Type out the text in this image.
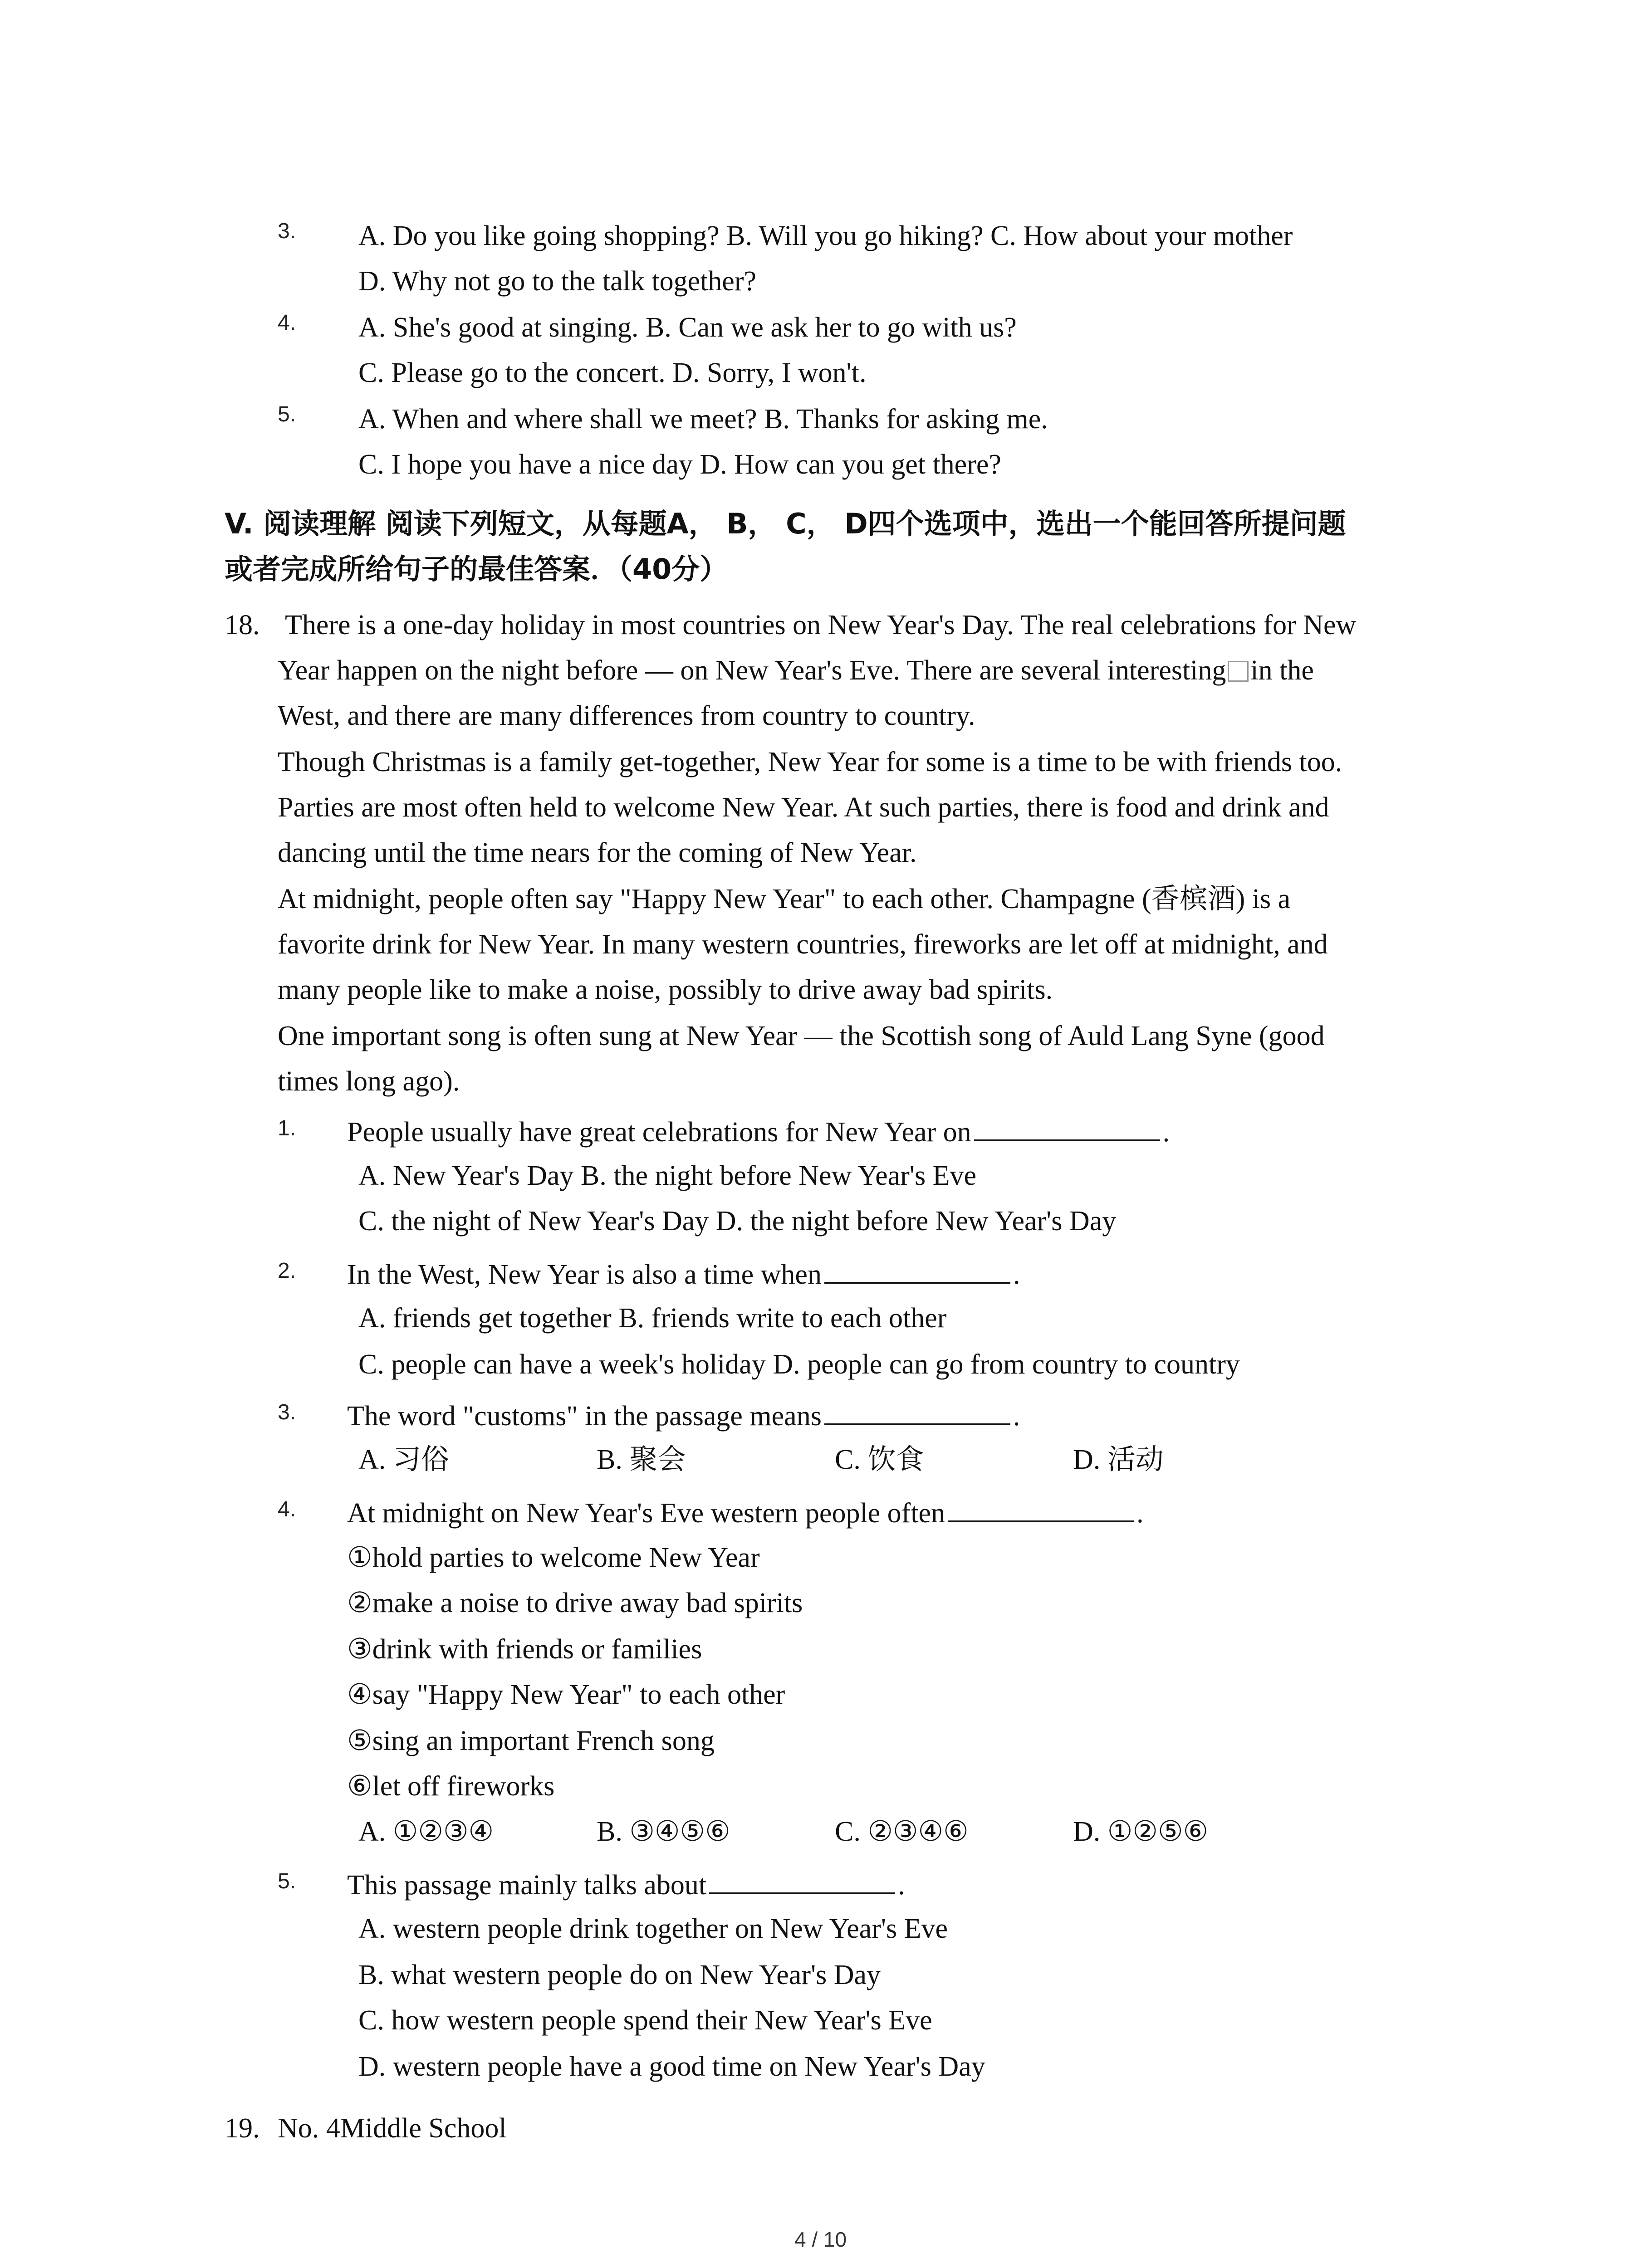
3. A. Do you like going shopping? B. Will you go hiking? C. How about your mother
D. Why not go to the talk together?
4. A. She's good at singing. B. Can we ask her to go with us?
C. Please go to the concert. D. Sorry, I won't.
5. A. When and where shall we meet? B. Thanks for asking me.
C. I hope you have a nice day D. How can you get there?
V. 阅读理解 阅读下列短文，从每题A， B， C， D四个选项中，选出一个能回答所提问题
或者完成所给句子的最佳答案．（40分）
18. There is a one-day holiday in most countries on New Year's Day. The real celebrations for New
Year happen on the night before — on New Year's Eve. There are several interesting in the
West, and there are many differences from country to country.
Though Christmas is a family get-together, New Year for some is a time to be with friends too.
Parties are most often held to welcome New Year. At such parties, there is food and drink and
dancing until the time nears for the coming of New Year.
At midnight, people often say "Happy New Year" to each other. Champagne (香槟酒) is a
favorite drink for New Year. In many western countries, fireworks are let off at midnight, and
many people like to make a noise, possibly to drive away bad spirits.
One important song is often sung at New Year — the Scottish song of Auld Lang Syne (good
times long ago).
1. People usually have great celebrations for New Year on	.
A. New Year's Day B. the night before New Year's Eve
C. the night of New Year's Day D. the night before New Year's Day
2. In the West, New Year is also a time when	.
A. friends get together B. friends write to each other
C. people can have a week's holiday D. people can go from country to country
3. The word "customs" in the passage means	.
A. 习俗	B. 聚会	C. 饮食	D. 活动
4. At midnight on New Year's Eve western people often	.
①hold parties to welcome New Year
②make a noise to drive away bad spirits
③drink with friends or families
④say "Happy New Year" to each other
⑤sing an important French song
⑥let off fireworks
A. ①②③④	B. ③④⑤⑥	C. ②③④⑥	D. ①②⑤⑥
5. This passage mainly talks about	.
A. western people drink together on New Year's Eve
B. what western people do on New Year's Day
C. how western people spend their New Year's Eve
D. western people have a good time on New Year's Day
19. No. 4Middle School
4 / 10
